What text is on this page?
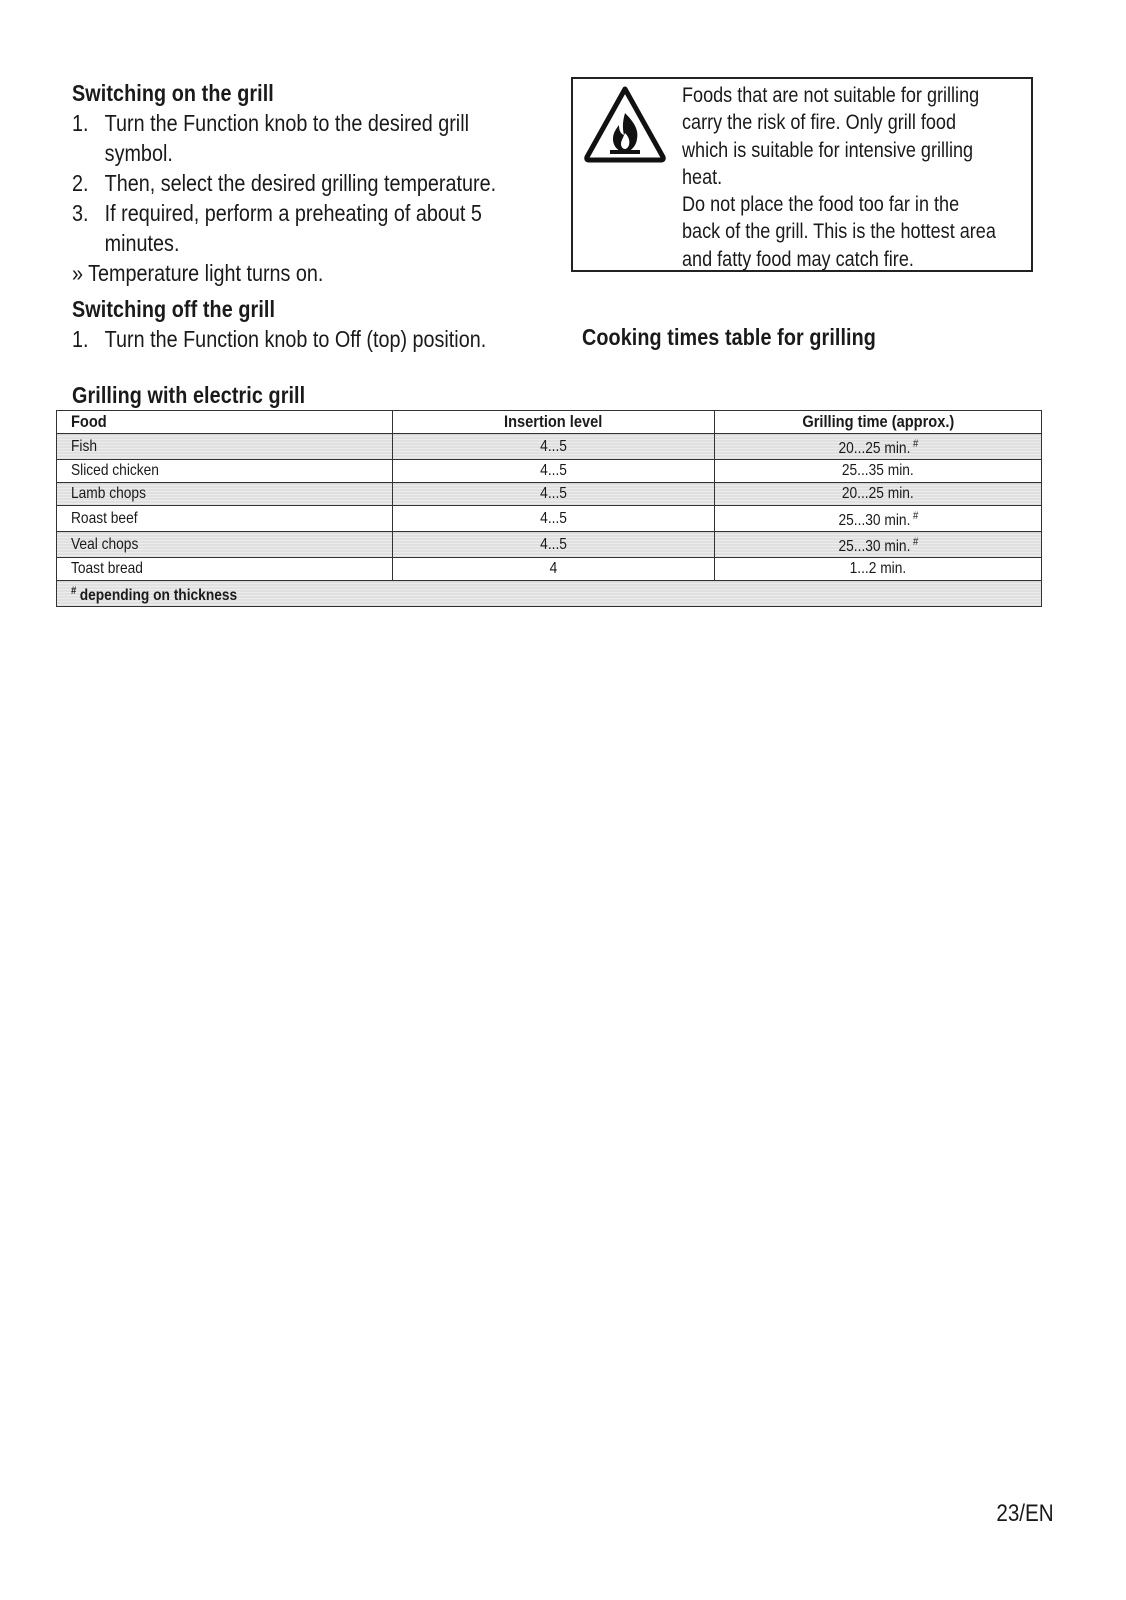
Switching on the grill
1. Turn the Function knob to the desired grill
symbol.
2. Then, select the desired grilling temperature.
3. If required, perform a preheating of about 5
minutes.
» Temperature light turns on.
Switching off the grill
1. Turn the Function knob to Off (top) position.
Foods that are not suitable for grilling
carry the risk of fire. Only grill food
which is suitable for intensive grilling
heat.
Do not place the food too far in the
back of the grill. This is the hottest area
and fatty food may catch fire.
Cooking times table for grilling
Grilling with electric grill
Food	Insertion level	Grilling time (approx.)
Fish	4...5	20...25 min. #
Sliced chicken	4...5	25...35 min.
Lamb chops	4...5	20...25 min.
Roast beef	4...5	25...30 min. #
Veal chops	4...5	25...30 min. #
Toast bread	4	1...2 min.
# depending on thickness		
23/EN
